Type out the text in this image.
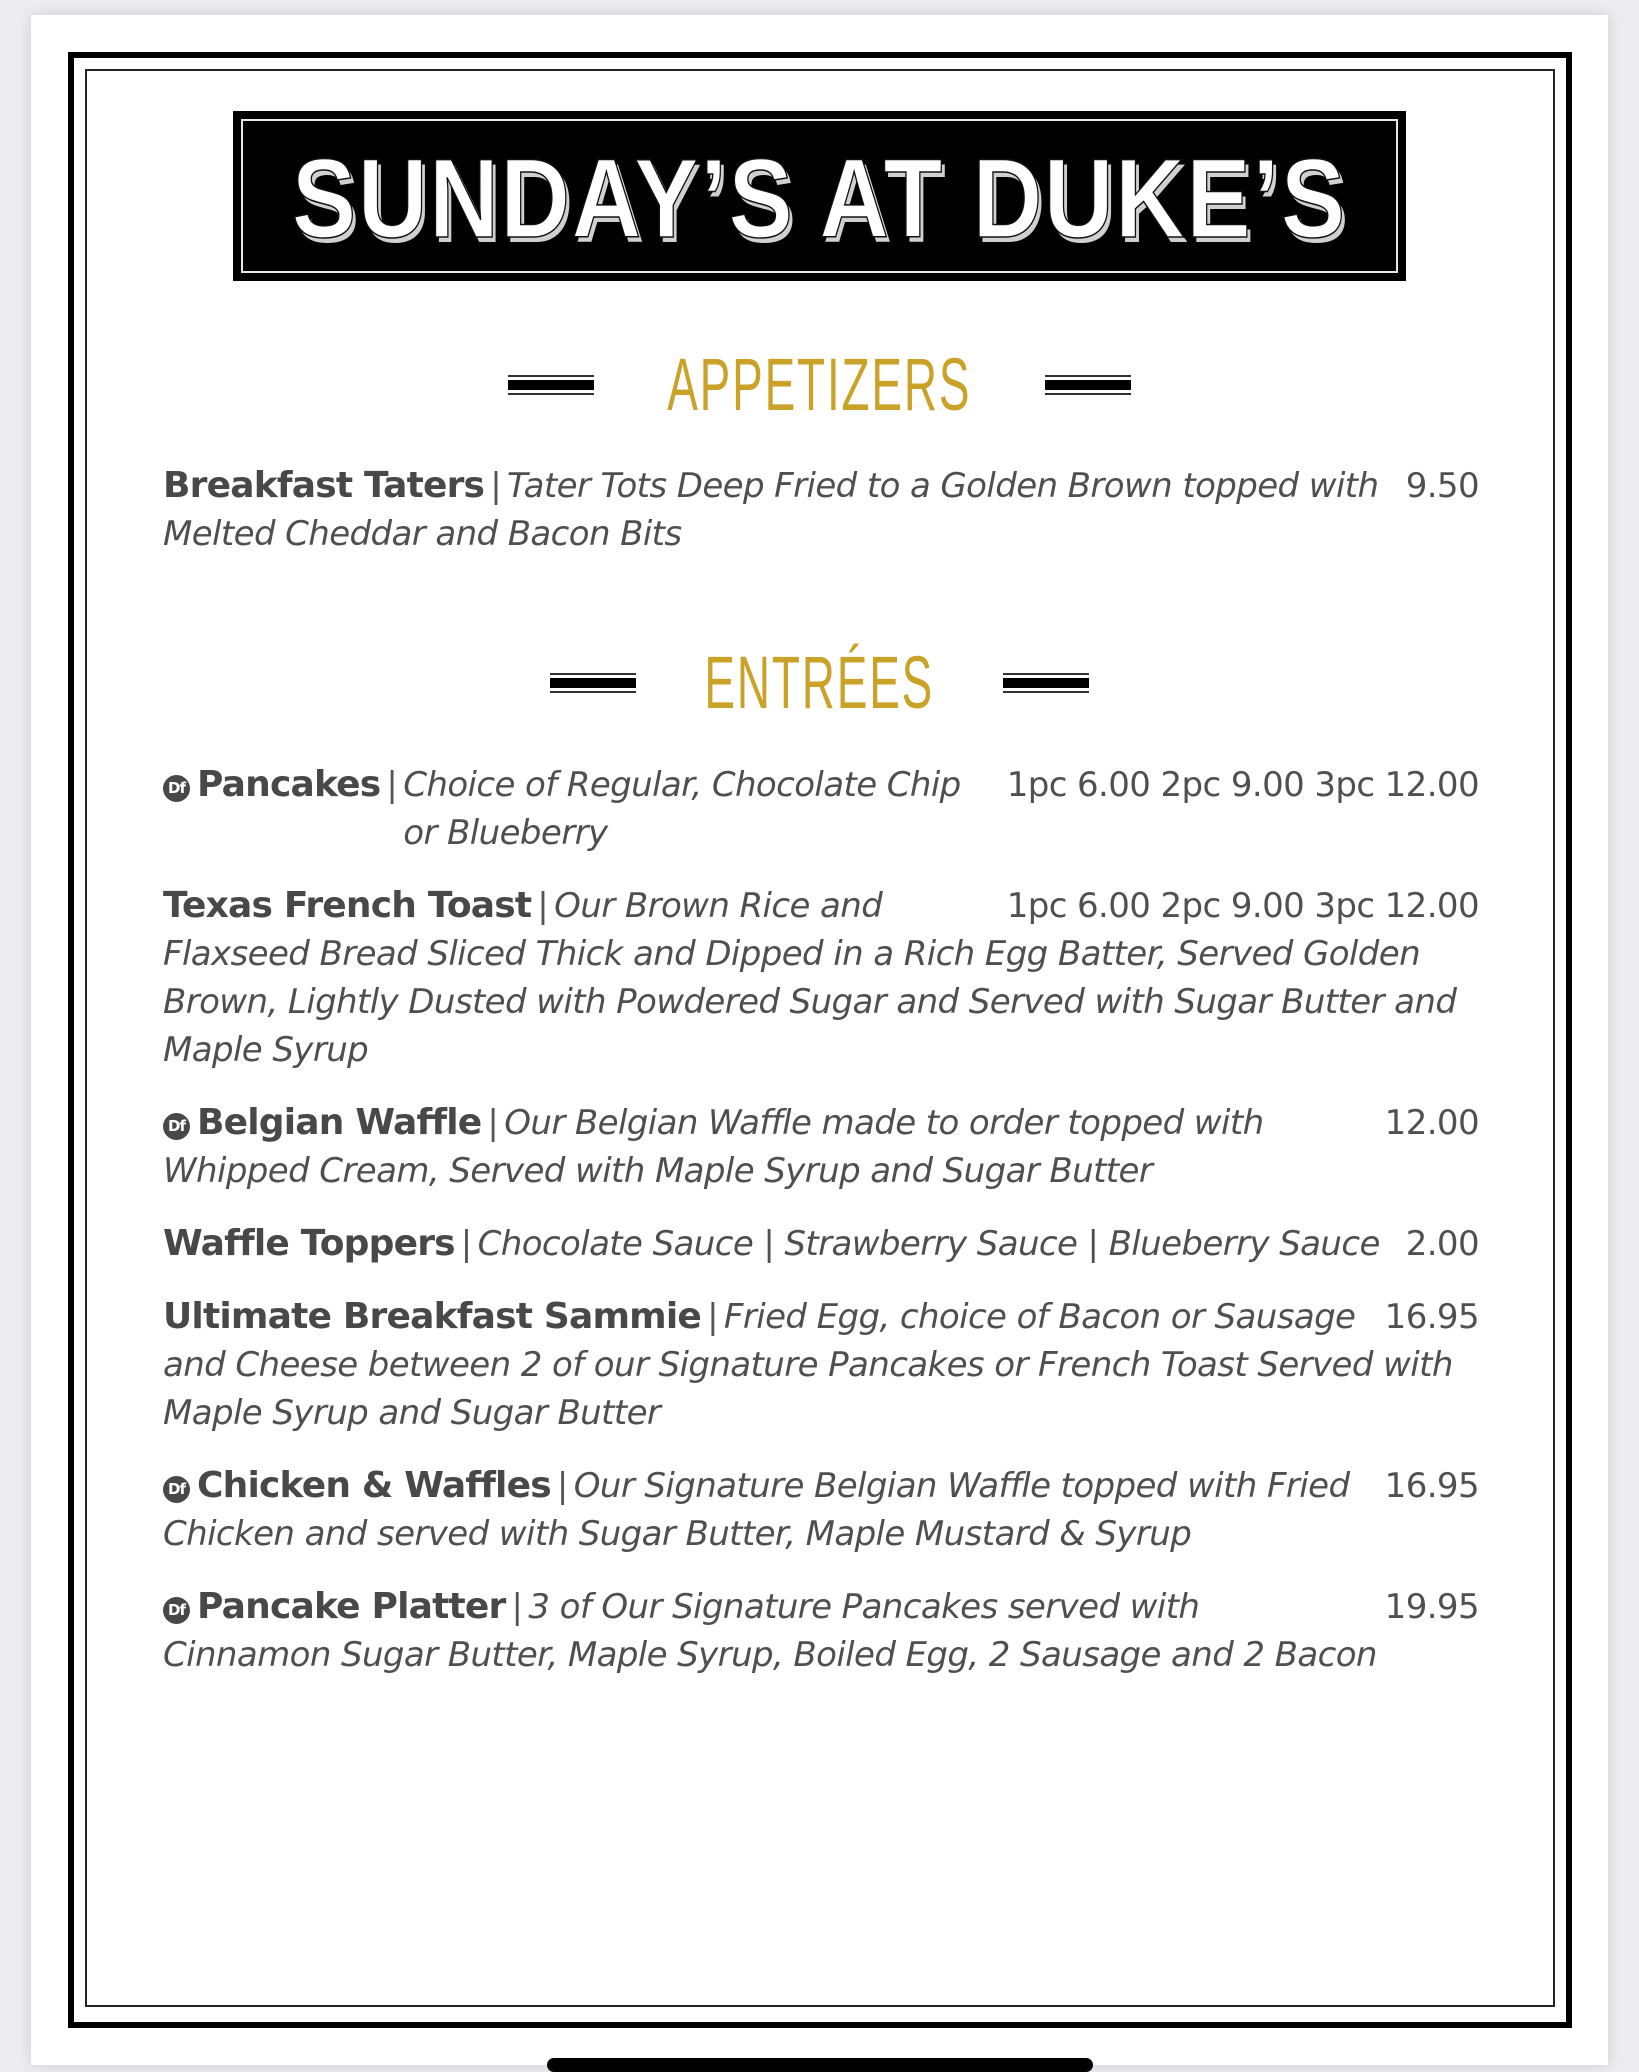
SUNDAY’S AT DUKE’S
APPETIZERS
9.50
Breakfast Taters | Tater Tots Deep Fried to a Golden Brown topped with Melted Cheddar and Bacon Bits
ENTRÉES
1pc 6.00 2pc 9.00 3pc 12.00
Df Pancakes | Choice of Regular, Chocolate Chip or Blueberry
1pc 6.00 2pc 9.00 3pc 12.00
Texas French Toast | Our Brown Rice and Flaxseed Bread Sliced Thick and Dipped in a Rich Egg Batter, Served Golden Brown, Lightly Dusted with Powdered Sugar and Served with Sugar Butter and Maple Syrup
12.00
Df Belgian Waffle | Our Belgian Waffle made to order topped with Whipped Cream, Served with Maple Syrup and Sugar Butter
2.00
Waffle Toppers | Chocolate Sauce | Strawberry Sauce | Blueberry Sauce
16.95
Ultimate Breakfast Sammie | Fried Egg, choice of Bacon or Sausage and Cheese between 2 of our Signature Pancakes or French Toast Served with Maple Syrup and Sugar Butter
16.95
Df Chicken & Waffles | Our Signature Belgian Waffle topped with Fried Chicken and served with Sugar Butter, Maple Mustard & Syrup
19.95
Df Pancake Platter | 3 of Our Signature Pancakes served with Cinnamon Sugar Butter, Maple Syrup, Boiled Egg, 2 Sausage and 2 Bacon
